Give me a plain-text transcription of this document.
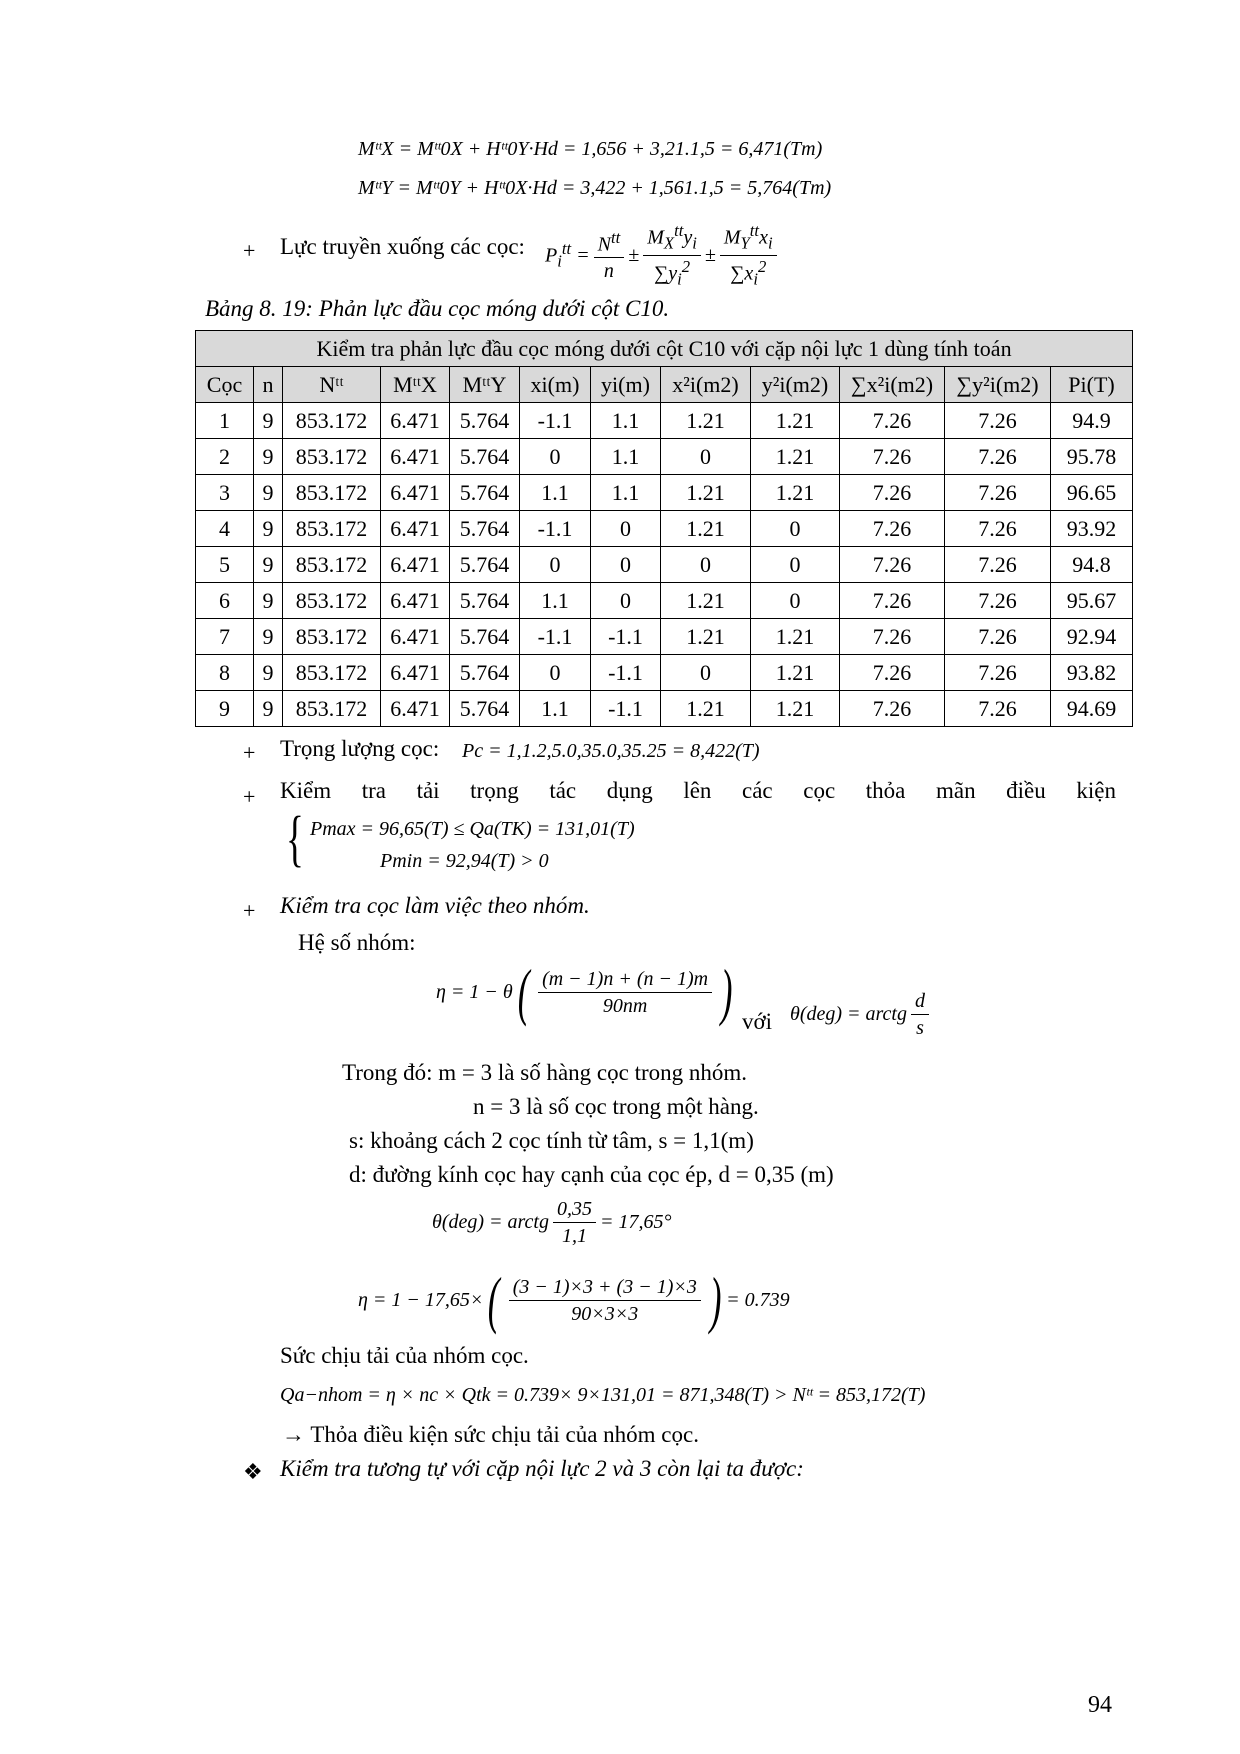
MᵗᵗX = Mᵗᵗ0X + Hᵗᵗ0Y·Hd = 1,656 + 3,21.1,5 = 6,471(Tm)
MᵗᵗY = Mᵗᵗ0Y + Hᵗᵗ0X·Hd = 3,422 + 1,561.1,5 = 5,764(Tm)
+ Lực truyền xuống các cọc: $P_i^{tt} = \frac{N^{tt}}{n} \pm \frac{M_X^{tt}y_i}{\sum y_i^2} \pm \frac{M_Y^{tt}x_i}{\sum x_i^2}$
Bảng 8. 19: Phản lực đầu cọc móng dưới cột C10.
Kiểm tra phản lực đầu cọc móng dưới cột C10 với cặp nội lực 1 dùng tính toán											
Cọc	n	Nᵗᵗ	MᵗᵗX	MᵗᵗY	xi(m)	yi(m)	x²i(m2)	y²i(m2)	∑x²i(m2)	∑y²i(m2)	Pi(T)
1	9	853.172	6.471	5.764	-1.1	1.1	1.21	1.21	7.26	7.26	94.9
2	9	853.172	6.471	5.764	0	1.1	0	1.21	7.26	7.26	95.78
3	9	853.172	6.471	5.764	1.1	1.1	1.21	1.21	7.26	7.26	96.65
4	9	853.172	6.471	5.764	-1.1	0	1.21	0	7.26	7.26	93.92
5	9	853.172	6.471	5.764	0	0	0	0	7.26	7.26	94.8
6	9	853.172	6.471	5.764	1.1	0	1.21	0	7.26	7.26	95.67
7	9	853.172	6.471	5.764	-1.1	-1.1	1.21	1.21	7.26	7.26	92.94
8	9	853.172	6.471	5.764	0	-1.1	0	1.21	7.26	7.26	93.82
9	9	853.172	6.471	5.764	1.1	-1.1	1.21	1.21	7.26	7.26	94.69
+ Trọng lượng cọc: Pc = 1,1.2,5.0,35.0,35.25 = 8,422(T)
+ Kiểm tra tải trọng tác dụng lên các cọc thỏa mãn điều kiện
{ Pmax = 96,65(T) ≤ Qa(TK) = 131,01(T)
Pmin = 92,94(T) > 0
+ Kiểm tra cọc làm việc theo nhóm.
Hệ số nhóm:
η = 1 − θ ( $\frac{(m - 1)n + (n - 1)m}{90nm}$ ) với θ(deg) = arctg $\frac{d}{s}$
Trong đó: m = 3 là số hàng cọc trong nhóm.
n = 3 là số cọc trong một hàng.
s: khoảng cách 2 cọc tính từ tâm, s = 1,1(m)
d: đường kính cọc hay cạnh của cọc ép, d = 0,35 (m)
θ(deg) = arctg $\frac{0,35}{1,1} = 17,65^\circ$
η = 1 − 17,65× ( $\frac{(3 - 1)\times 3 + (3 - 1)\times 3}{90\times 3\times 3}$ ) = 0.739
Sức chịu tải của nhóm cọc.
Qa−nhom = η × nc × Qtk = 0.739× 9×131,01 = 871,348(T) > Nᵗᵗ = 853,172(T)
→ Thỏa điều kiện sức chịu tải của nhóm cọc.
❖ Kiểm tra tương tự với cặp nội lực 2 và 3 còn lại ta được:
94
